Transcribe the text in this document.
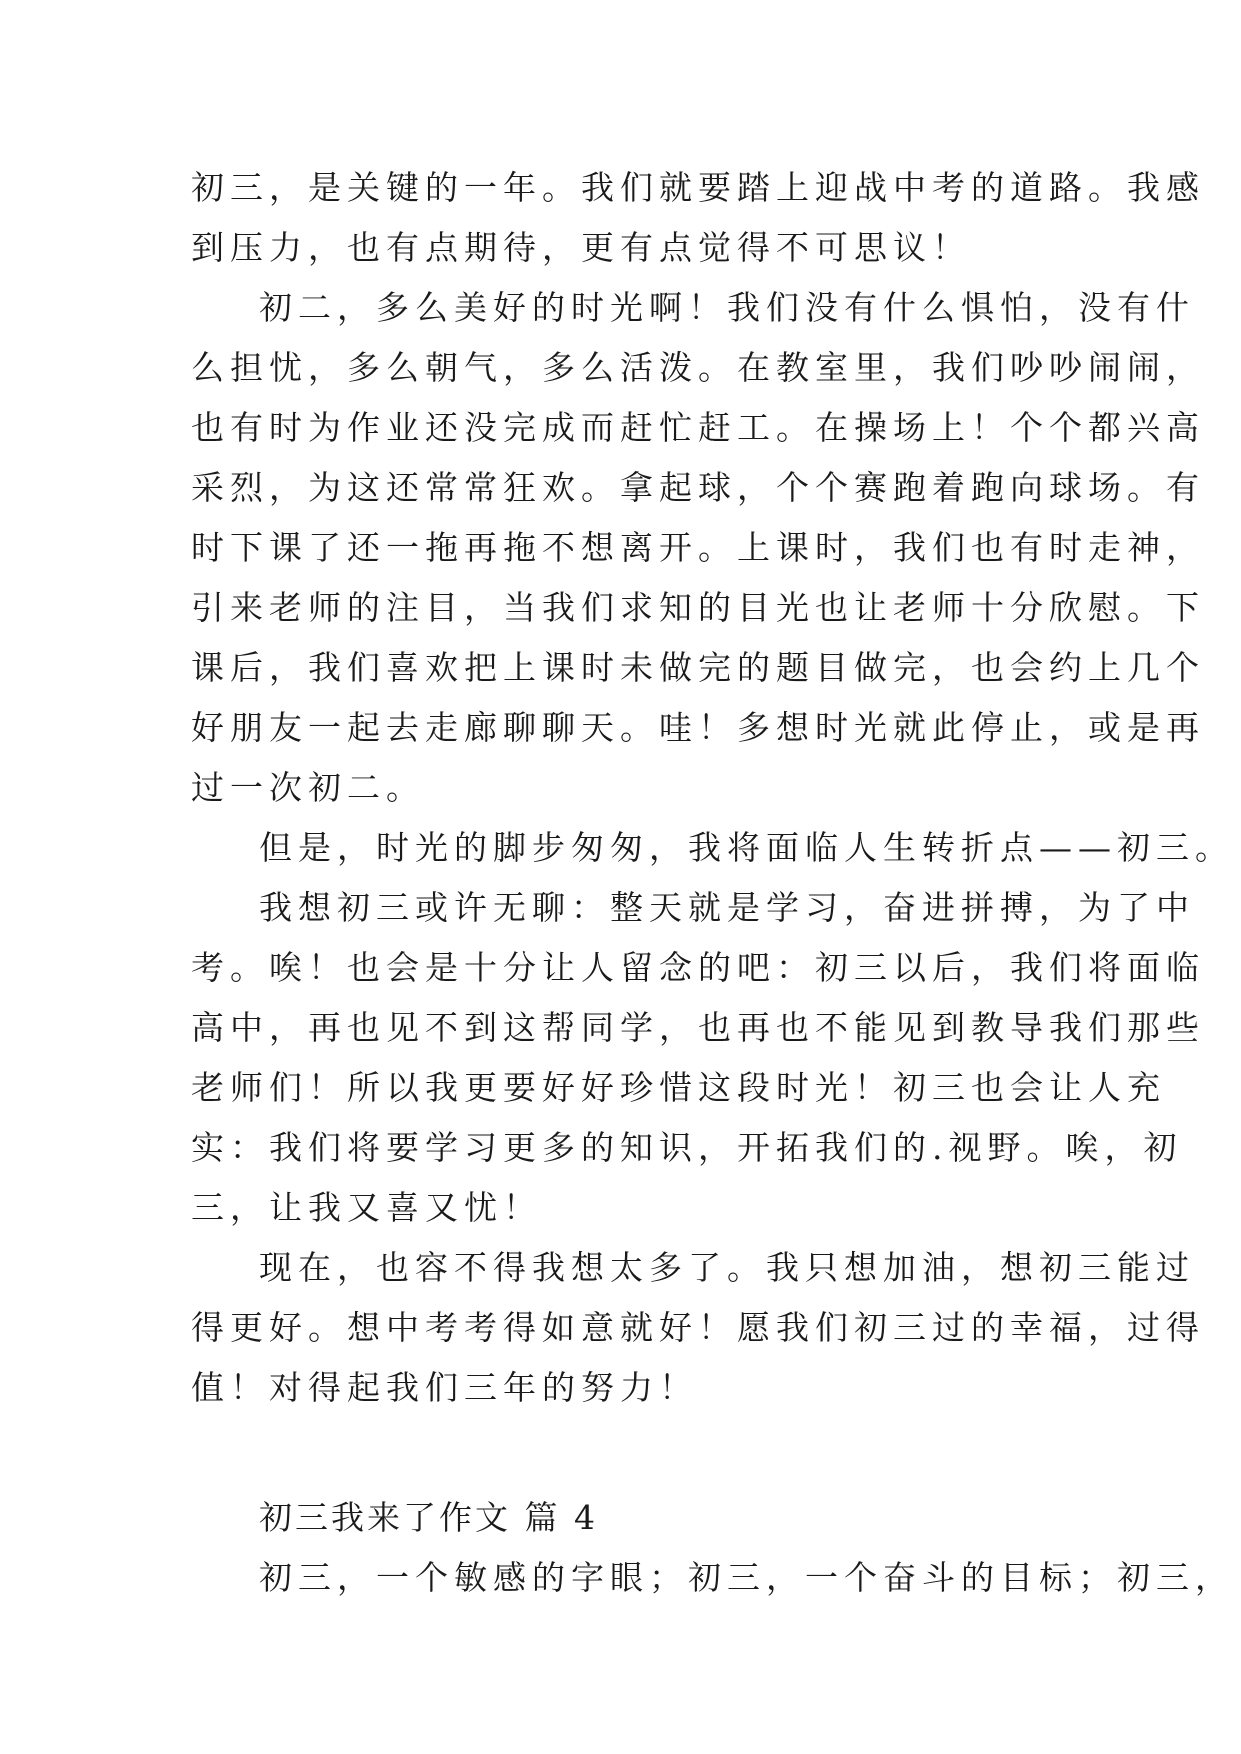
初三，是关键的一年。我们就要踏上迎战中考的道路。我感

到压力，也有点期待，更有点觉得不可思议！

初二，多么美好的时光啊！我们没有什么惧怕，没有什

么担忧，多么朝气，多么活泼。在教室里，我们吵吵闹闹，

也有时为作业还没完成而赶忙赶工。在操场上！个个都兴高

采烈，为这还常常狂欢。拿起球，个个赛跑着跑向球场。有

时下课了还一拖再拖不想离开。上课时，我们也有时走神，

引来老师的注目，当我们求知的目光也让老师十分欣慰。下

课后，我们喜欢把上课时未做完的题目做完，也会约上几个

好朋友一起去走廊聊聊天。哇！多想时光就此停止，或是再

过一次初二。

但是，时光的脚步匆匆，我将面临人生转折点——初三。

我想初三或许无聊：整天就是学习，奋进拼搏，为了中

考。唉！也会是十分让人留念的吧：初三以后，我们将面临

高中，再也见不到这帮同学，也再也不能见到教导我们那些

老师们！所以我更要好好珍惜这段时光！初三也会让人充

实：我们将要学习更多的知识，开拓我们的.视野。唉，初

三，让我又喜又忧！

现在，也容不得我想太多了。我只想加油，想初三能过

得更好。想中考考得如意就好！愿我们初三过的幸福，过得

值！对得起我们三年的努力！

初三我来了作文 篇 4

初三，一个敏感的字眼；初三，一个奋斗的目标；初三，
